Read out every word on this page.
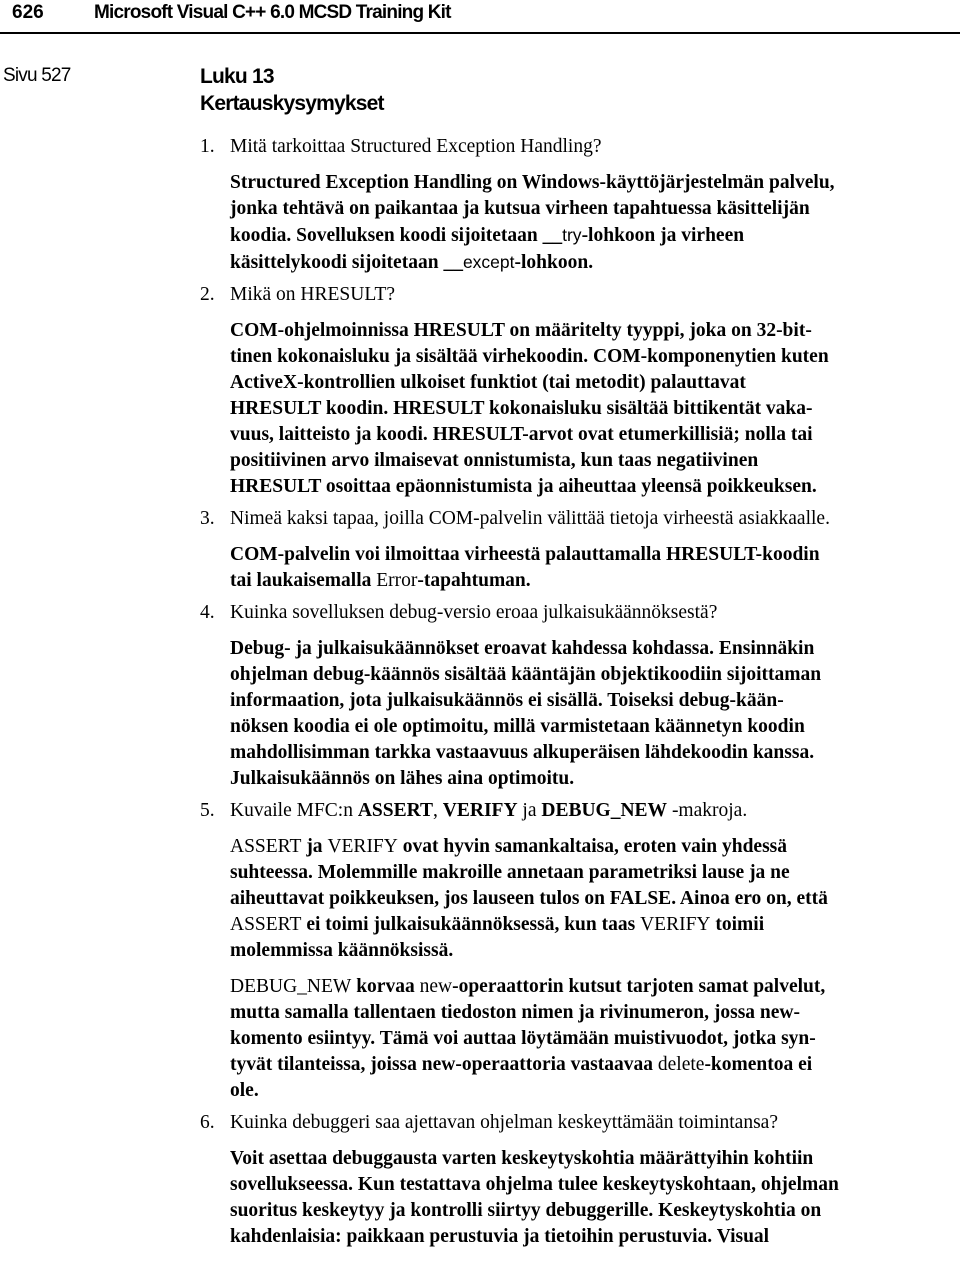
626	Microsoft Visual C++ 6.0 MCSD Training Kit
Sivu 527	Luku 13
Kertauskysymykset
1. Mitä tarkoittaa Structured Exception Handling?
Structured Exception Handling on Windows-käyttöjärjestelmän palvelu,
jonka tehtävä on paikantaa ja kutsua virheen tapahtuessa käsittelijän
koodia. Sovelluksen koodi sijoitetaan __try-lohkoon ja virheen
käsittelykoodi sijoitetaan __except-lohkoon.
2. Mikä on HRESULT?
COM-ohjelmoinnissa HRESULT on määritelty tyyppi, joka on 32-bit-
tinen kokonaisluku ja sisältää virhekoodin. COM-komponenytien kuten
ActiveX-kontrollien ulkoiset funktiot (tai metodit) palauttavat
HRESULT koodin. HRESULT kokonaisluku sisältää bittikentät vaka-
vuus, laitteisto ja koodi. HRESULT-arvot ovat etumerkillisiä; nolla tai
positiivinen arvo ilmaisevat onnistumista, kun taas negatiivinen
HRESULT osoittaa epäonnistumista ja aiheuttaa yleensä poikkeuksen.
3. Nimeä kaksi tapaa, joilla COM-palvelin välittää tietoja virheestä asiakkaalle.
COM-palvelin voi ilmoittaa virheestä palauttamalla HRESULT-koodin
tai laukaisemalla Error-tapahtuman.
4. Kuinka sovelluksen debug-versio eroaa julkaisukäännöksestä?
Debug- ja julkaisukäännökset eroavat kahdessa kohdassa. Ensinnäkin
ohjelman debug-käännös sisältää kääntäjän objektikoodiin sijoittaman
informaation, jota julkaisukäännös ei sisällä. Toiseksi debug-kään-
nöksen koodia ei ole optimoitu, millä varmistetaan käännetyn koodin
mahdollisimman tarkka vastaavuus alkuperäisen lähdekoodin kanssa.
Julkaisukäännös on lähes aina optimoitu.
5. Kuvaile MFC:n ASSERT, VERIFY ja DEBUG_NEW -makroja.
ASSERT ja VERIFY ovat hyvin samankaltaisa, eroten vain yhdessä
suhteessa. Molemmille makroille annetaan parametriksi lause ja ne
aiheuttavat poikkeuksen, jos lauseen tulos on FALSE. Ainoa ero on, että
ASSERT ei toimi julkaisukäännöksessä, kun taas VERIFY toimii
molemmissa käännöksissä.
DEBUG_NEW korvaa new-operaattorin kutsut tarjoten samat palvelut,
mutta samalla tallentaen tiedoston nimen ja rivinumeron, jossa new-
komento esiintyy. Tämä voi auttaa löytämään muistivuodot, jotka syn-
tyvät tilanteissa, joissa new-operaattoria vastaavaa delete-komentoa ei
ole.
6. Kuinka debuggeri saa ajettavan ohjelman keskeyttämään toimintansa?
Voit asettaa debuggausta varten keskeytyskohtia määrättyihin kohtiin
sovellukseessa. Kun testattava ohjelma tulee keskeytyskohtaan, ohjelman
suoritus keskeytyy ja kontrolli siirtyy debuggerille. Keskeytyskohtia on
kahdenlaisia: paikkaan perustuvia ja tietoihin perustuvia. Visual
